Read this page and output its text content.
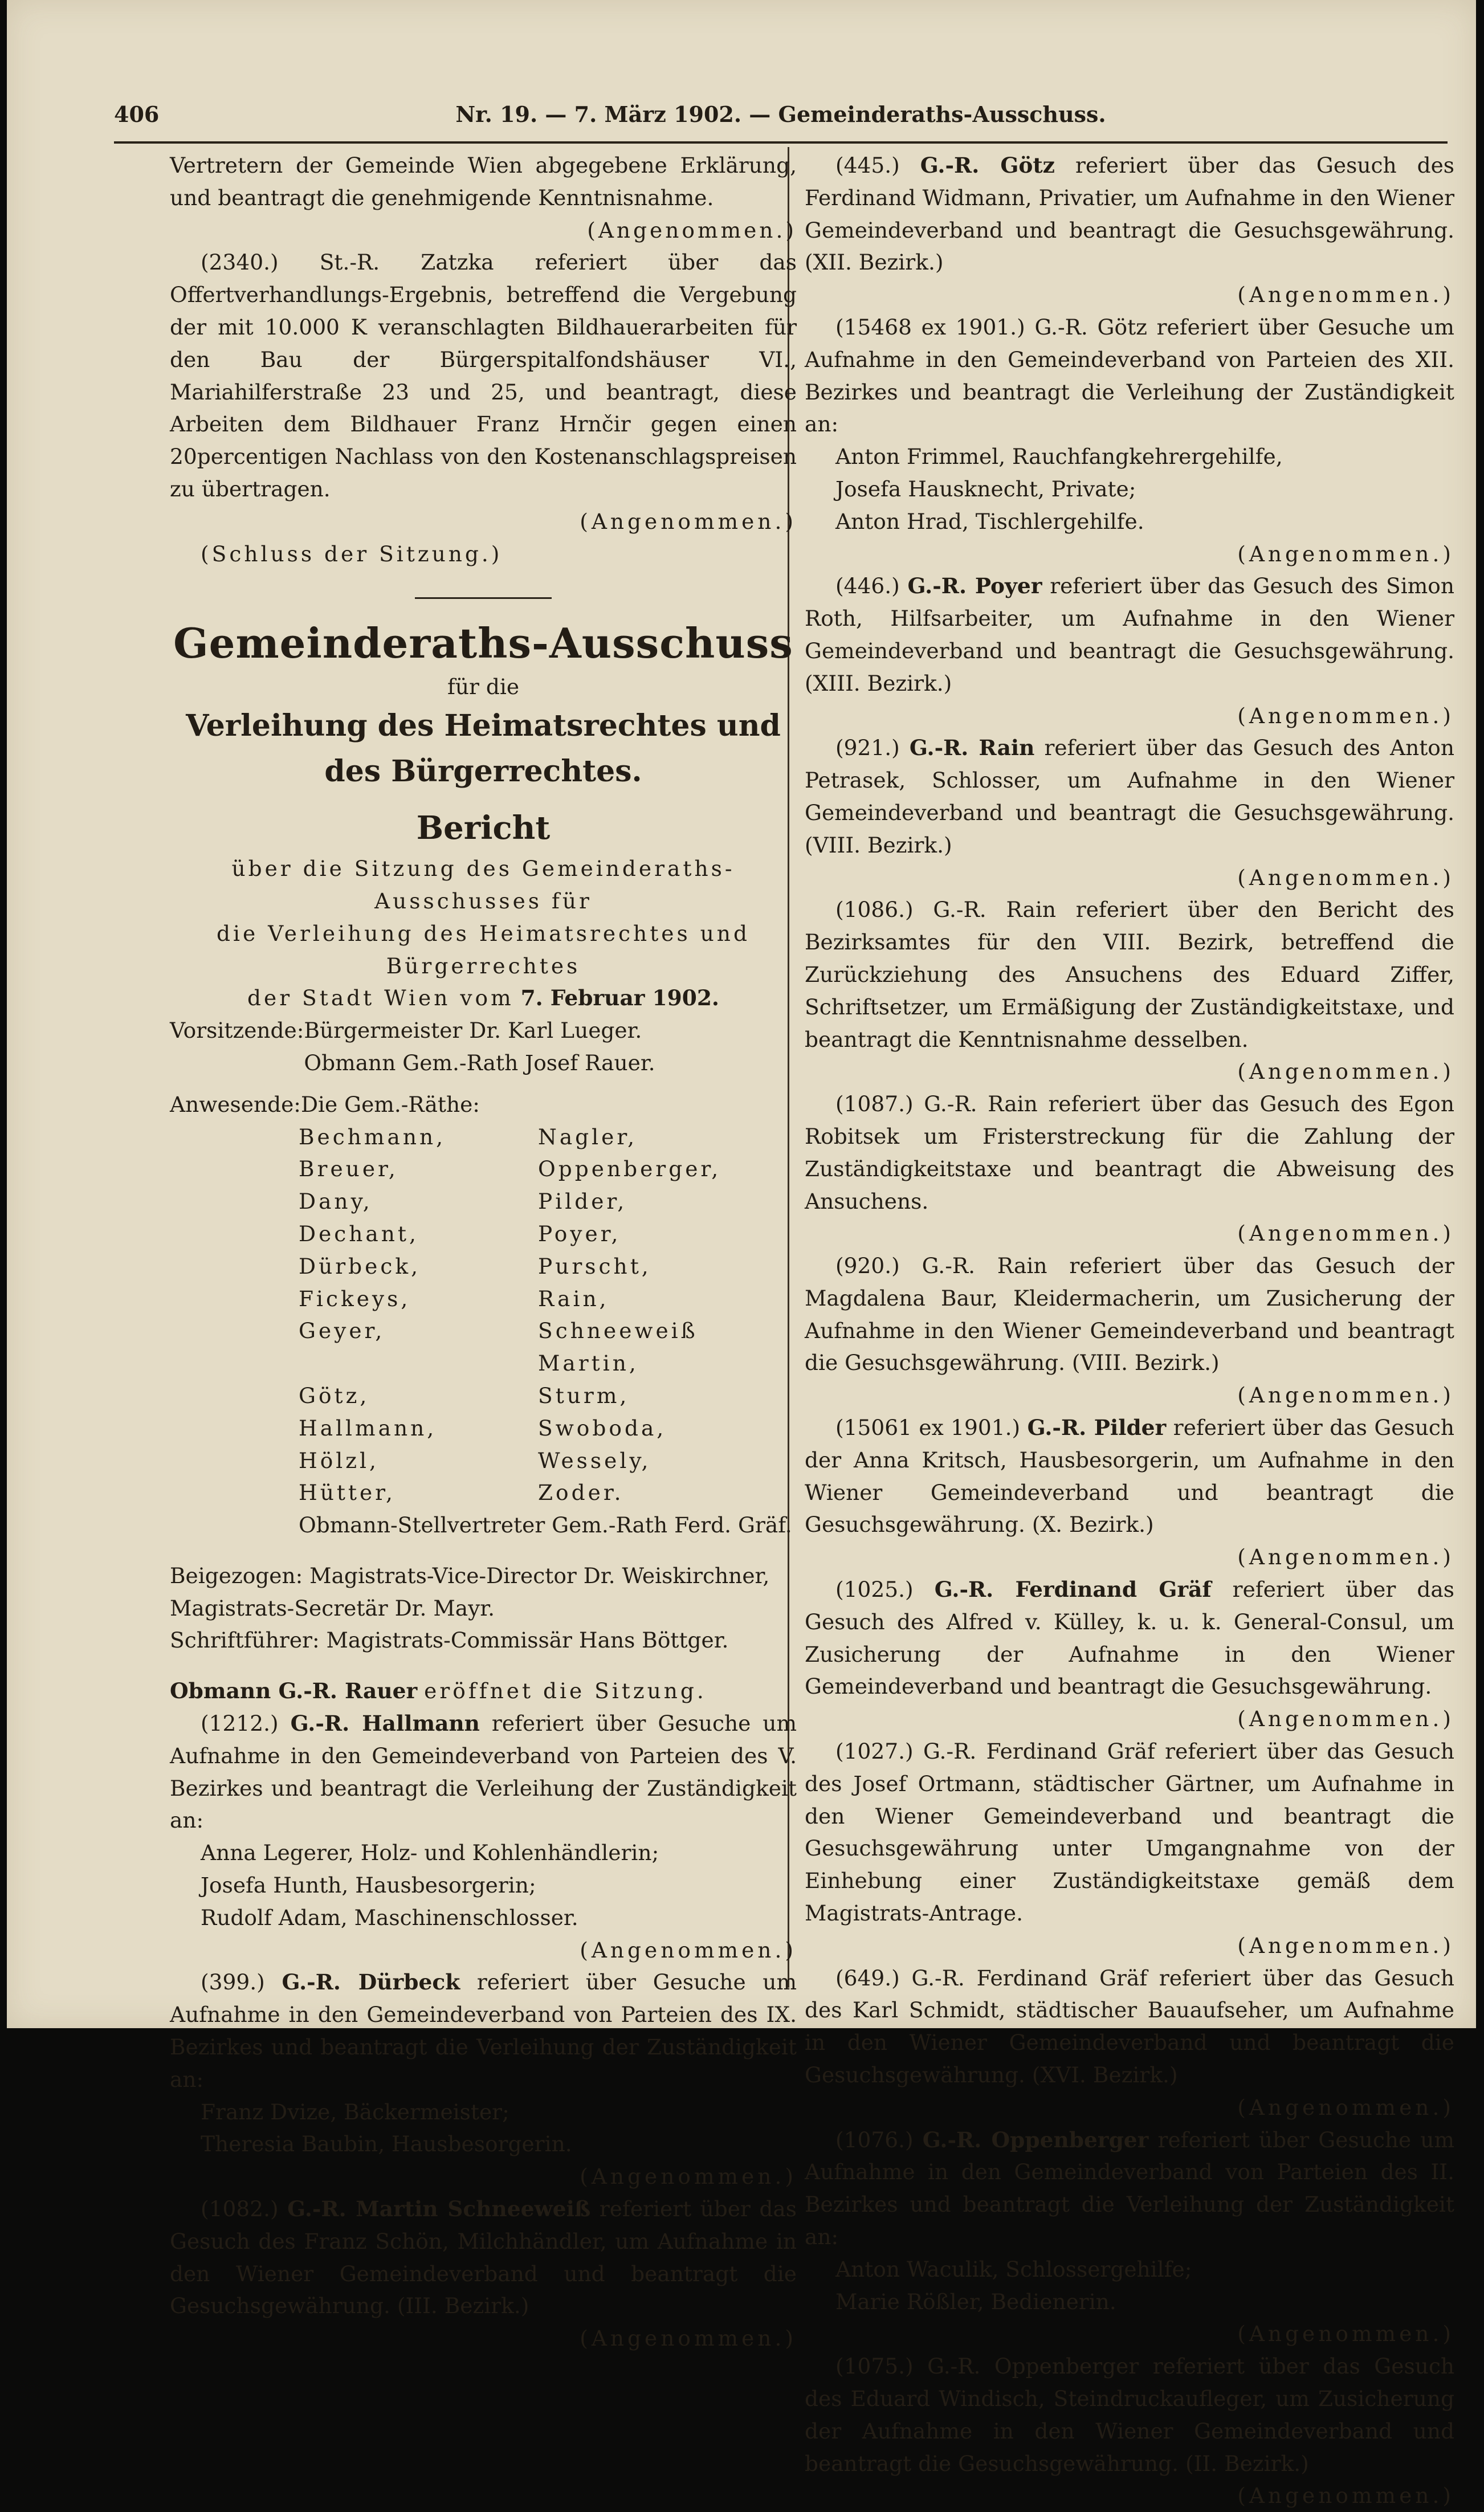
406	Nr. 19. — 7. März 1902. — Gemeinderaths-Ausschuss.

Vertretern der Gemeinde Wien abgegebene Erklärung, und beantragt die genehmigende Kenntnisnahme.
(Angenommen.)

(2340.) St.-R. Zatzka referiert über das Offertverhandlungs-Ergebnis, betreffend die Vergebung der mit 10.000 K veranschlagten Bildhauerarbeiten für den Bau der Bürgerspitalfondshäuser VI., Mariahilferstraße 23 und 25, und beantragt, diese Arbeiten dem Bildhauer Franz Hrnčir gegen einen 20percentigen Nachlass von den Kostenanschlagspreisen zu übertragen.

(Angenommen.)

(Schluss der Sitzung.)

Gemeinderaths-Ausschuss
für die
Verleihung des Heimatsrechtes und des Bürgerrechtes.
Bericht
über die Sitzung des Gemeinderaths-Ausschusses für
die Verleihung des Heimatsrechtes und Bürgerrechtes
der Stadt Wien vom 7. Februar 1902.
Vorsitzende:	Bürgermeister Dr. Karl Lueger.
	Obmann Gem.-Rath Josef Rauer.
Anwesende:	Die Gem.-Räthe:
Bechmann,	Nagler,
Breuer,	Oppenberger,
Dany,	Pilder,
Dechant,	Poyer,
Dürbeck,	Purscht,
Fickeys,	Rain,
Geyer,	Schneeweiß Martin,
Götz,	Sturm,
Hallmann,	Swoboda,
Hölzl,	Wessely,
Hütter,	Zoder.

Obmann-Stellvertreter Gem.-Rath Ferd. Gräf.

Beigezogen: Magistrats-Vice-Director Dr. Weiskirchner,

Magistrats-Secretär Dr. Mayr.

Schriftführer: Magistrats-Commissär Hans Böttger.

Obmann G.-R. Rauer eröffnet die Sitzung.

(1212.) G.-R. Hallmann referiert über Gesuche um Aufnahme in den Gemeindeverband von Parteien des V. Bezirkes und beantragt die Verleihung der Zuständigkeit an:

Anna Legerer, Holz- und Kohlenhändlerin;
Josefa Hunth, Hausbesorgerin;
Rudolf Adam, Maschinenschlosser.
(Angenommen.)

(399.) G.-R. Dürbeck referiert über Gesuche um Aufnahme in den Gemeindeverband von Parteien des IX. Bezirkes und beantragt die Verleihung der Zuständigkeit an:

Franz Dvize, Bäckermeister;
Theresia Baubin, Hausbesorgerin.
(Angenommen.)

(1082.) G.-R. Martin Schneeweiß referiert über das Gesuch des Franz Schön, Milchhändler, um Aufnahme in den Wiener Gemeindeverband und beantragt die Gesuchsgewährung. (III. Bezirk.)

(Angenommen.)

(445.) G.-R. Götz referiert über das Gesuch des Ferdinand Widmann, Privatier, um Aufnahme in den Wiener Gemeindeverband und beantragt die Gesuchsgewährung. (XII. Bezirk.)

(Angenommen.)

(15468 ex 1901.) G.-R. Götz referiert über Gesuche um Aufnahme in den Gemeindeverband von Parteien des XII. Bezirkes und beantragt die Verleihung der Zuständigkeit an:

Anton Frimmel, Rauchfangkehrergehilfe,
Josefa Hausknecht, Private;
Anton Hrad, Tischlergehilfe.
(Angenommen.)

(446.) G.-R. Poyer referiert über das Gesuch des Simon Roth, Hilfsarbeiter, um Aufnahme in den Wiener Gemeindeverband und beantragt die Gesuchsgewährung. (XIII. Bezirk.)

(Angenommen.)

(921.) G.-R. Rain referiert über das Gesuch des Anton Petrasek, Schlosser, um Aufnahme in den Wiener Gemeindeverband und beantragt die Gesuchsgewährung. (VIII. Bezirk.)

(Angenommen.)

(1086.) G.-R. Rain referiert über den Bericht des Bezirksamtes für den VIII. Bezirk, betreffend die Zurückziehung des Ansuchens des Eduard Ziffer, Schriftsetzer, um Ermäßigung der Zuständigkeitstaxe, und beantragt die Kenntnisnahme desselben.

(Angenommen.)

(1087.) G.-R. Rain referiert über das Gesuch des Egon Robitsek um Fristerstreckung für die Zahlung der Zuständigkeitstaxe und beantragt die Abweisung des Ansuchens.

(Angenommen.)

(920.) G.-R. Rain referiert über das Gesuch der Magdalena Baur, Kleidermacherin, um Zusicherung der Aufnahme in den Wiener Gemeindeverband und beantragt die Gesuchsgewährung. (VIII. Bezirk.)

(Angenommen.)

(15061 ex 1901.) G.-R. Pilder referiert über das Gesuch der Anna Kritsch, Hausbesorgerin, um Aufnahme in den Wiener Gemeindeverband und beantragt die Gesuchsgewährung. (X. Bezirk.)

(Angenommen.)

(1025.) G.-R. Ferdinand Gräf referiert über das Gesuch des Alfred v. Külley, k. u. k. General-Consul, um Zusicherung der Aufnahme in den Wiener Gemeindeverband und beantragt die Gesuchsgewährung.

(Angenommen.)

(1027.) G.-R. Ferdinand Gräf referiert über das Gesuch des Josef Ortmann, städtischer Gärtner, um Aufnahme in den Wiener Gemeindeverband und beantragt die Gesuchsgewährung unter Umgangnahme von der Einhebung einer Zuständigkeitstaxe gemäß dem Magistrats-Antrage.

(Angenommen.)

(649.) G.-R. Ferdinand Gräf referiert über das Gesuch des Karl Schmidt, städtischer Bauaufseher, um Aufnahme in den Wiener Gemeindeverband und beantragt die Gesuchsgewährung. (XVI. Bezirk.)

(Angenommen.)

(1076.) G.-R. Oppenberger referiert über Gesuche um Aufnahme in den Gemeindeverband von Parteien des II. Bezirkes und beantragt die Verleihung der Zuständigkeit an:

Anton Waculik, Schlossergehilfe;
Marie Rößler, Bedienerin.
(Angenommen.)

(1075.) G.-R. Oppenberger referiert über das Gesuch des Eduard Windisch, Steindruckauflеger, um Zusicherung der Aufnahme in den Wiener Gemeindeverband und beantragt die Gesuchsgewährung. (II. Bezirk.)

(Angenommen.)
